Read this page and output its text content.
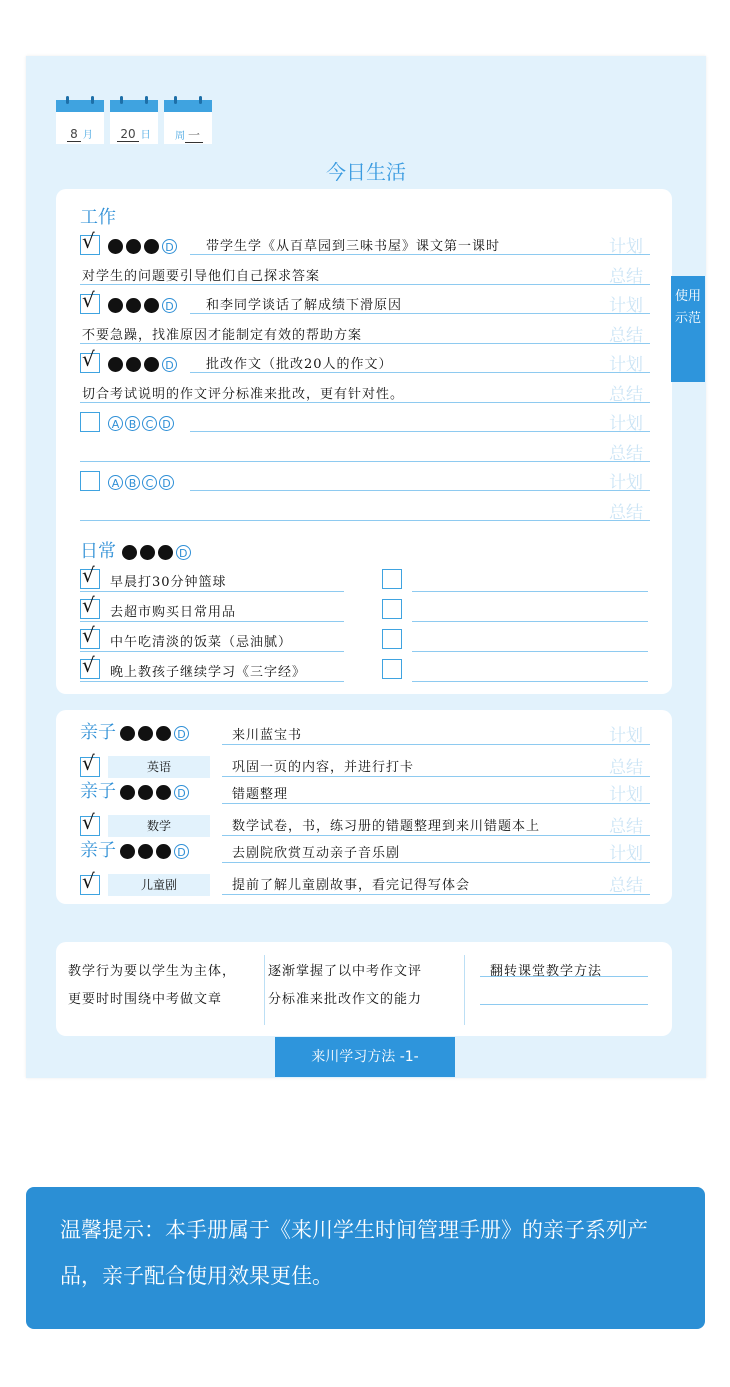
8 月	20 日	周 一
今日生活
工作
√	D	带学生学《从百草园到三味书屋》课文第一课时	计划
对学生的问题要引导他们自己探求答案	总结
√	D	和李同学谈话了解成绩下滑原因	计划
不要急躁，找准原因才能制定有效的帮助方案	总结
√	D	批改作文（批改20人的作文）	计划
切合考试说明的作文评分标准来批改，更有针对性。	总结
A B C D	计划
总结
A B C D	计划
总结
日常	D
√ 早晨打30分钟篮球
√ 去超市购买日常用品
√ 中午吃清淡的饭菜（忌油腻）
√ 晚上教孩子继续学习《三字经》
亲子	D	来川蓝宝书	计划
√	英语	巩固一页的内容，并进行打卡	总结
亲子	D	错题整理	计划
√	数学	数学试卷，书，练习册的错题整理到来川错题本上	总结
亲子	D	去剧院欣赏互动亲子音乐剧	计划
√	儿童剧	提前了解儿童剧故事，看完记得写体会	总结
教学行为要以学生为主体，
更要时时围绕中考做文章
逐渐掌握了以中考作文评
分标准来批改作文的能力
翻转课堂教学方法
使用
示范
来川学习方法 -1-
温馨提示：本手册属于《来川学生时间管理手册》的亲子系列产品，亲子配合使用效果更佳。
